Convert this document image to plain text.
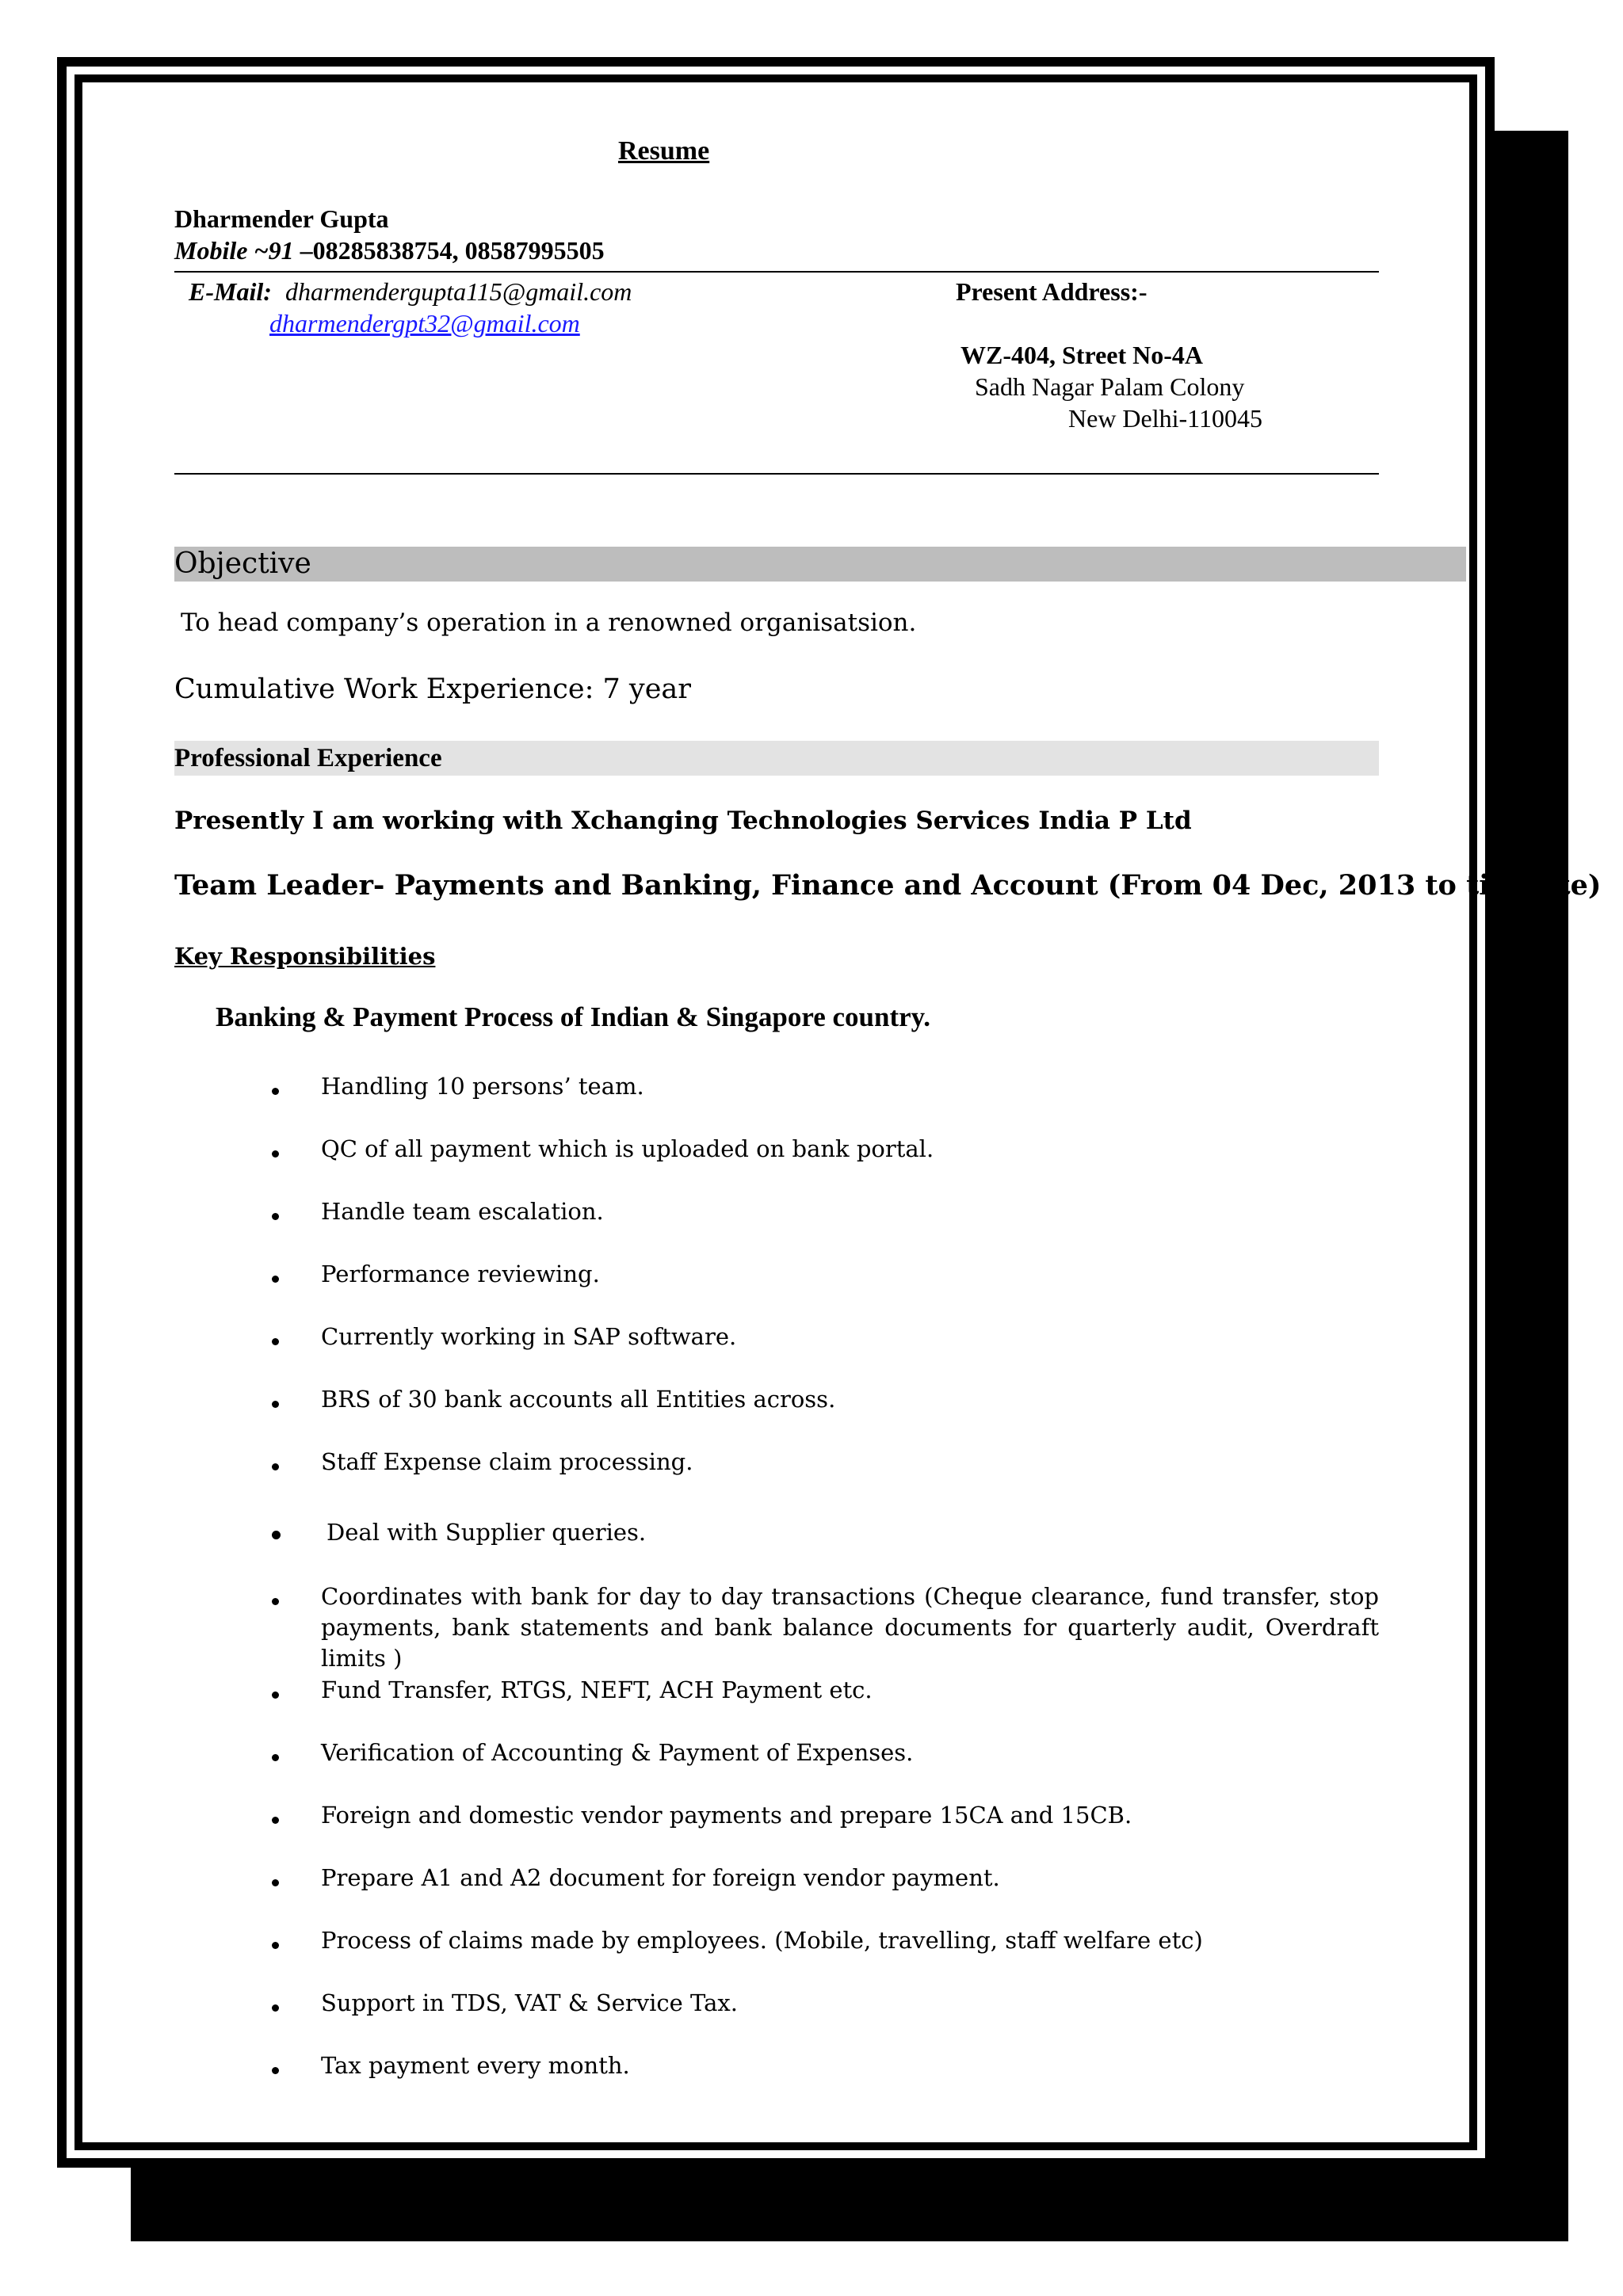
Resume
Dharmender Gupta
Mobile ~91 –08285838754, 08587995505
E-Mail: dharmendergupta115@gmail.com
dharmendergpt32@gmail.com
Present Address:-
WZ-404, Street No-4A
Sadh Nagar Palam Colony
New Delhi-110045
Objective
To head company’s operation in a renowned organisatsion.
Cumulative Work Experience: 7 year
Professional Experience
Presently I am working with Xchanging Technologies Services India P Ltd
Team Leader- Payments and Banking, Finance and Account (From 04 Dec, 2013 to till date)
Key Responsibilities
Banking & Payment Process of Indian & Singapore country.
Handling 10 persons’ team.
QC of all payment which is uploaded on bank portal.
Handle team escalation.
Performance reviewing.
Currently working in SAP software.
BRS of 30 bank accounts all Entities across.
Staff Expense claim processing.
Deal with Supplier queries.
Coordinates with bank for day to day transactions (Cheque clearance, fund transfer, stop payments, bank statements and bank balance documents for quarterly audit, Overdraft limits )
Fund Transfer, RTGS, NEFT, ACH Payment etc.
Verification of Accounting & Payment of Expenses.
Foreign and domestic vendor payments and prepare 15CA and 15CB.
Prepare A1 and A2 document for foreign vendor payment.
Process of claims made by employees. (Mobile, travelling, staff welfare etc)
Support in TDS, VAT & Service Tax.
Tax payment every month.
